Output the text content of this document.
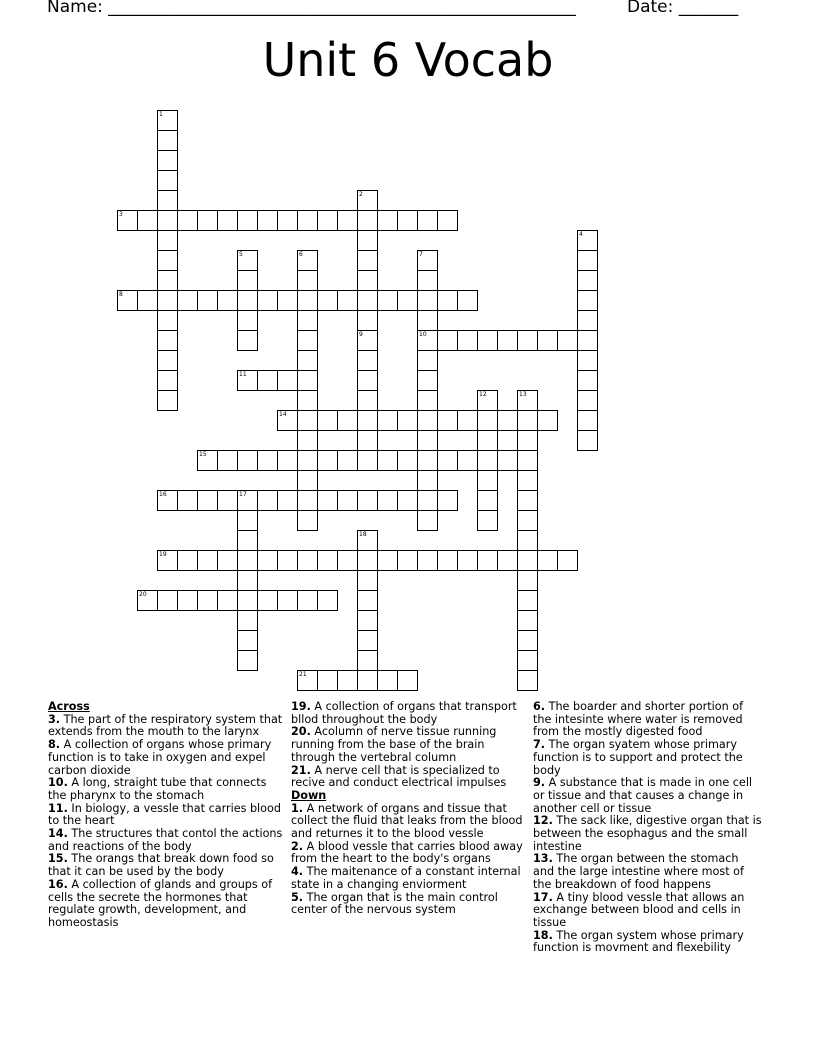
Name: _______________________________________________________	Date: _______
Unit 6 Vocab
1
2
9
3
4
5	6	7
10
8
11
12	13
14
15
16	17
18
19
20
21
Across
3. The part of the respiratory system that extends from the mouth to the larynx
8. A collection of organs whose primary function is to take in oxygen and expel carbon dioxide
10. A long, straight tube that connects the pharynx to the stomach
11. In biology, a vessle that carries blood to the heart
14. The structures that contol the actions and reactions of the body
15. The orangs that break down food so that it can be used by the body
16. A collection of glands and groups of cells the secrete the hormones that regulate growth, development, and homeostasis
19. A collection of organs that transport bllod throughout the body
20. Acolumn of nerve tissue running running from the base of the brain through the vertebral column
21. A nerve cell that is specialized to recive and conduct electrical impulses
Down
1. A network of organs and tissue that collect the fluid that leaks from the blood and returnes it to the blood vessle
2. A blood vessle that carries blood away from the heart to the body's organs
4. The maitenance of a constant internal state in a changing enviorment
5. The organ that is the main control center of the nervous system
6. The boarder and shorter portion of the intesinte where water is removed from the mostly digested food
7. The organ syatem whose primary function is to support and protect the body
9. A substance that is made in one cell or tissue and that causes a change in another cell or tissue
12. The sack like, digestive organ that is between the esophagus and the small intestine
13. The organ between the stomach and the large intestine where most of the breakdown of food happens
17. A tiny blood vessle that allows an exchange between blood and cells in tissue
18. The organ system whose primary function is movment and flexebility
